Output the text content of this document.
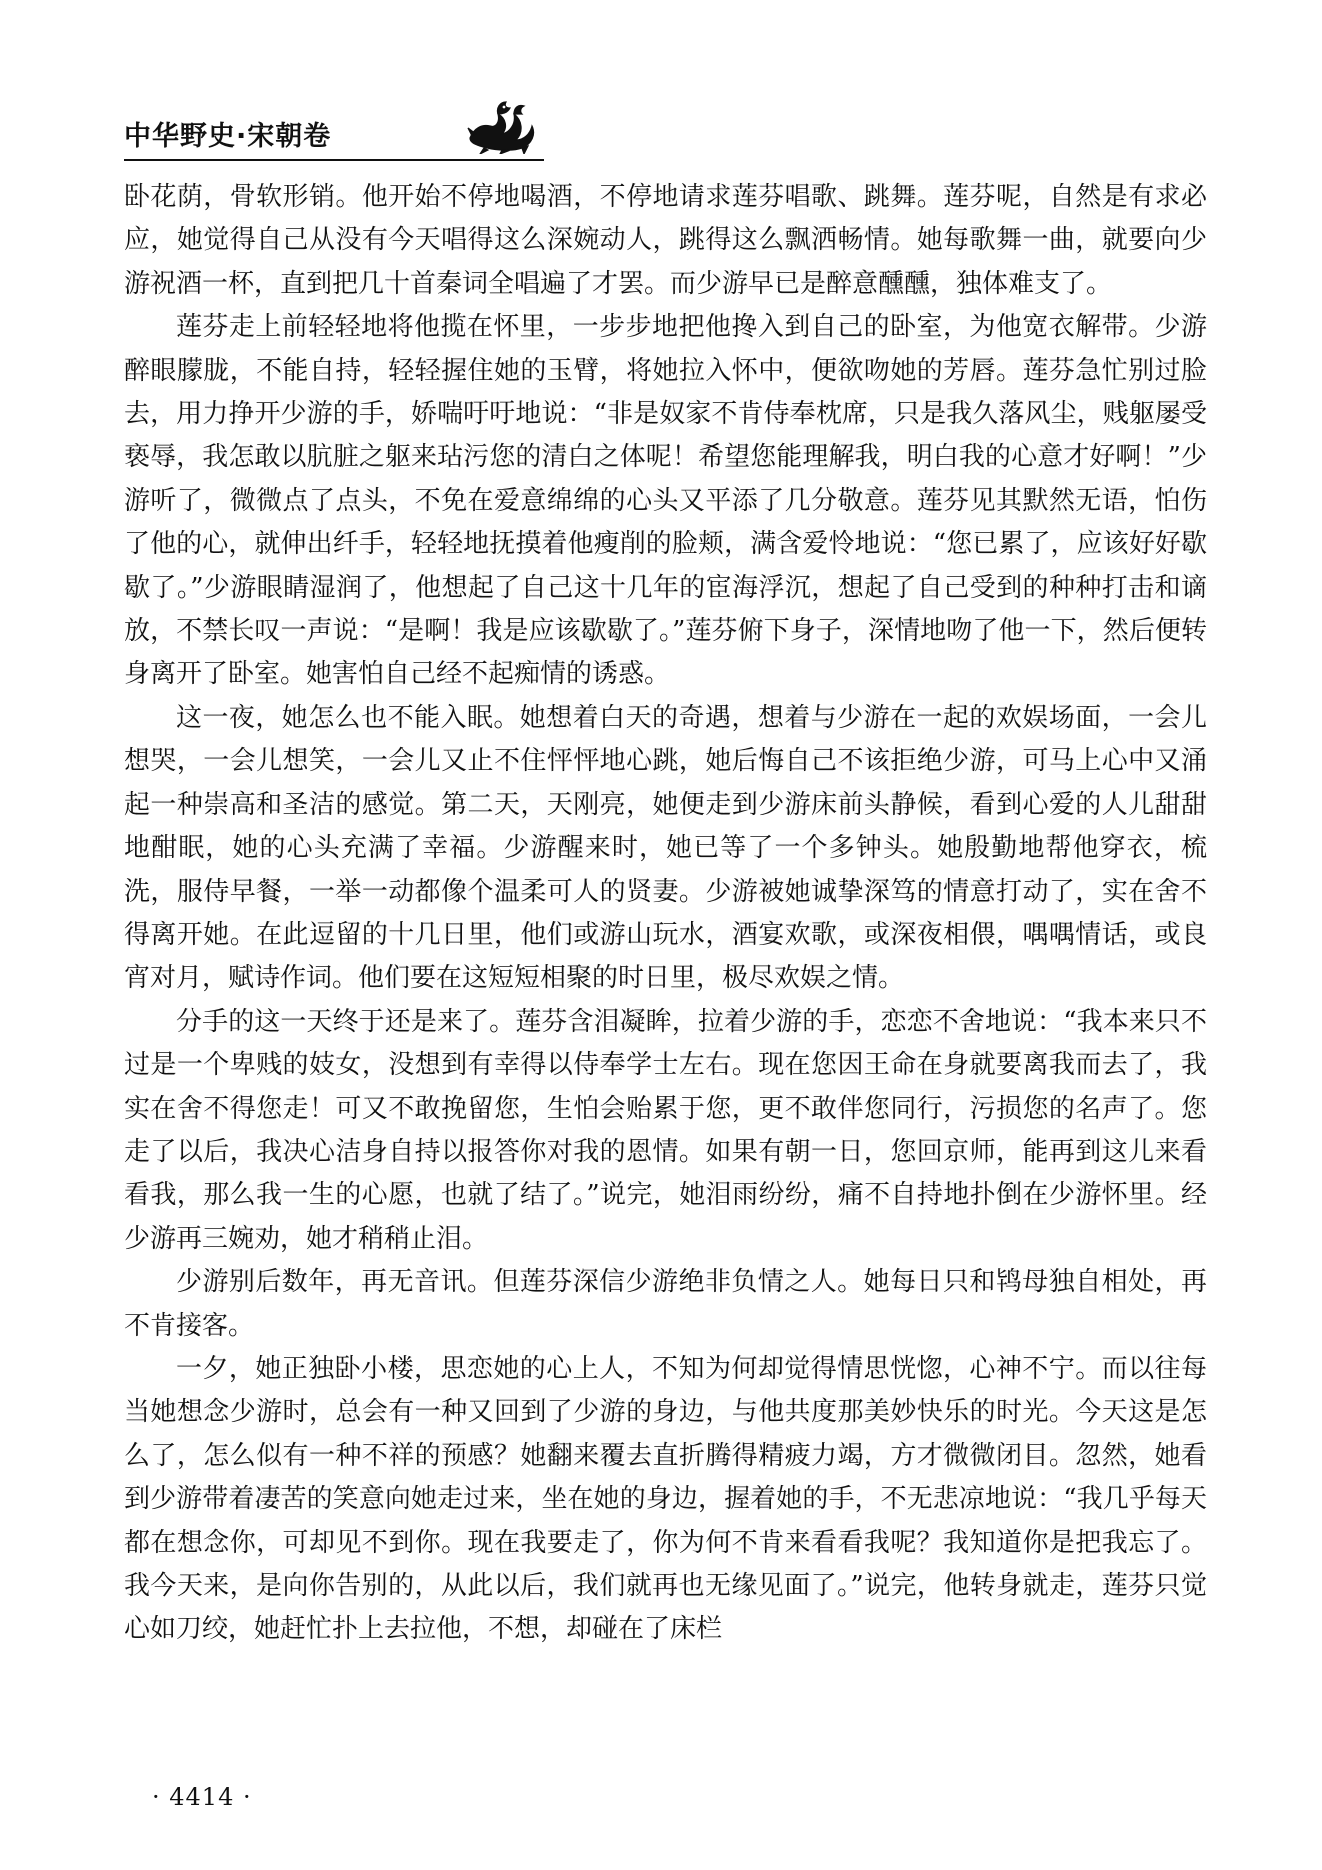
中华野史·宋朝卷

卧花荫，骨软形销。他开始不停地喝酒，不停地请求莲芬唱歌、跳舞。莲芬呢，自然是有求必应，她觉得自己从没有今天唱得这么深婉动人，跳得这么飘洒畅情。她每歌舞一曲，就要向少游祝酒一杯，直到把几十首秦词全唱遍了才罢。而少游早已是醉意醺醺，独体难支了。

莲芬走上前轻轻地将他揽在怀里，一步步地把他搀入到自己的卧室，为他宽衣解带。少游醉眼朦胧，不能自持，轻轻握住她的玉臂，将她拉入怀中，便欲吻她的芳唇。莲芬急忙别过脸去，用力挣开少游的手，娇喘吁吁地说：“非是奴家不肯侍奉枕席，只是我久落风尘，贱躯屡受亵辱，我怎敢以肮脏之躯来玷污您的清白之体呢！希望您能理解我，明白我的心意才好啊！”少游听了，微微点了点头，不免在爱意绵绵的心头又平添了几分敬意。莲芬见其默然无语，怕伤了他的心，就伸出纤手，轻轻地抚摸着他瘦削的脸颊，满含爱怜地说：“您已累了，应该好好歇歇了。”少游眼睛湿润了，他想起了自己这十几年的宦海浮沉，想起了自己受到的种种打击和谪放，不禁长叹一声说：“是啊！我是应该歇歇了。”莲芬俯下身子，深情地吻了他一下，然后便转身离开了卧室。她害怕自己经不起痴情的诱惑。

这一夜，她怎么也不能入眠。她想着白天的奇遇，想着与少游在一起的欢娱场面，一会儿想哭，一会儿想笑，一会儿又止不住怦怦地心跳，她后悔自己不该拒绝少游，可马上心中又涌起一种崇高和圣洁的感觉。第二天，天刚亮，她便走到少游床前头静候，看到心爱的人儿甜甜地酣眠，她的心头充满了幸福。少游醒来时，她已等了一个多钟头。她殷勤地帮他穿衣，梳洗，服侍早餐，一举一动都像个温柔可人的贤妻。少游被她诚挚深笃的情意打动了，实在舍不得离开她。在此逗留的十几日里，他们或游山玩水，酒宴欢歌，或深夜相偎，喁喁情话，或良宵对月，赋诗作词。他们要在这短短相聚的时日里，极尽欢娱之情。

分手的这一天终于还是来了。莲芬含泪凝眸，拉着少游的手，恋恋不舍地说：“我本来只不过是一个卑贱的妓女，没想到有幸得以侍奉学士左右。现在您因王命在身就要离我而去了，我实在舍不得您走！可又不敢挽留您，生怕会贻累于您，更不敢伴您同行，污损您的名声了。您走了以后，我决心洁身自持以报答你对我的恩情。如果有朝一日，您回京师，能再到这儿来看看我，那么我一生的心愿，也就了结了。”说完，她泪雨纷纷，痛不自持地扑倒在少游怀里。经少游再三婉劝，她才稍稍止泪。

少游别后数年，再无音讯。但莲芬深信少游绝非负情之人。她每日只和鸨母独自相处，再不肯接客。

一夕，她正独卧小楼，思恋她的心上人，不知为何却觉得情思恍惚，心神不宁。而以往每当她想念少游时，总会有一种又回到了少游的身边，与他共度那美妙快乐的时光。今天这是怎么了，怎么似有一种不祥的预感？她翻来覆去直折腾得精疲力竭，方才微微闭目。忽然，她看到少游带着凄苦的笑意向她走过来，坐在她的身边，握着她的手，不无悲凉地说：“我几乎每天都在想念你，可却见不到你。现在我要走了，你为何不肯来看看我呢？我知道你是把我忘了。我今天来，是向你告别的，从此以后，我们就再也无缘见面了。”说完，他转身就走，莲芬只觉心如刀绞，她赶忙扑上去拉他，不想，却碰在了床栏

· 4414 ·
